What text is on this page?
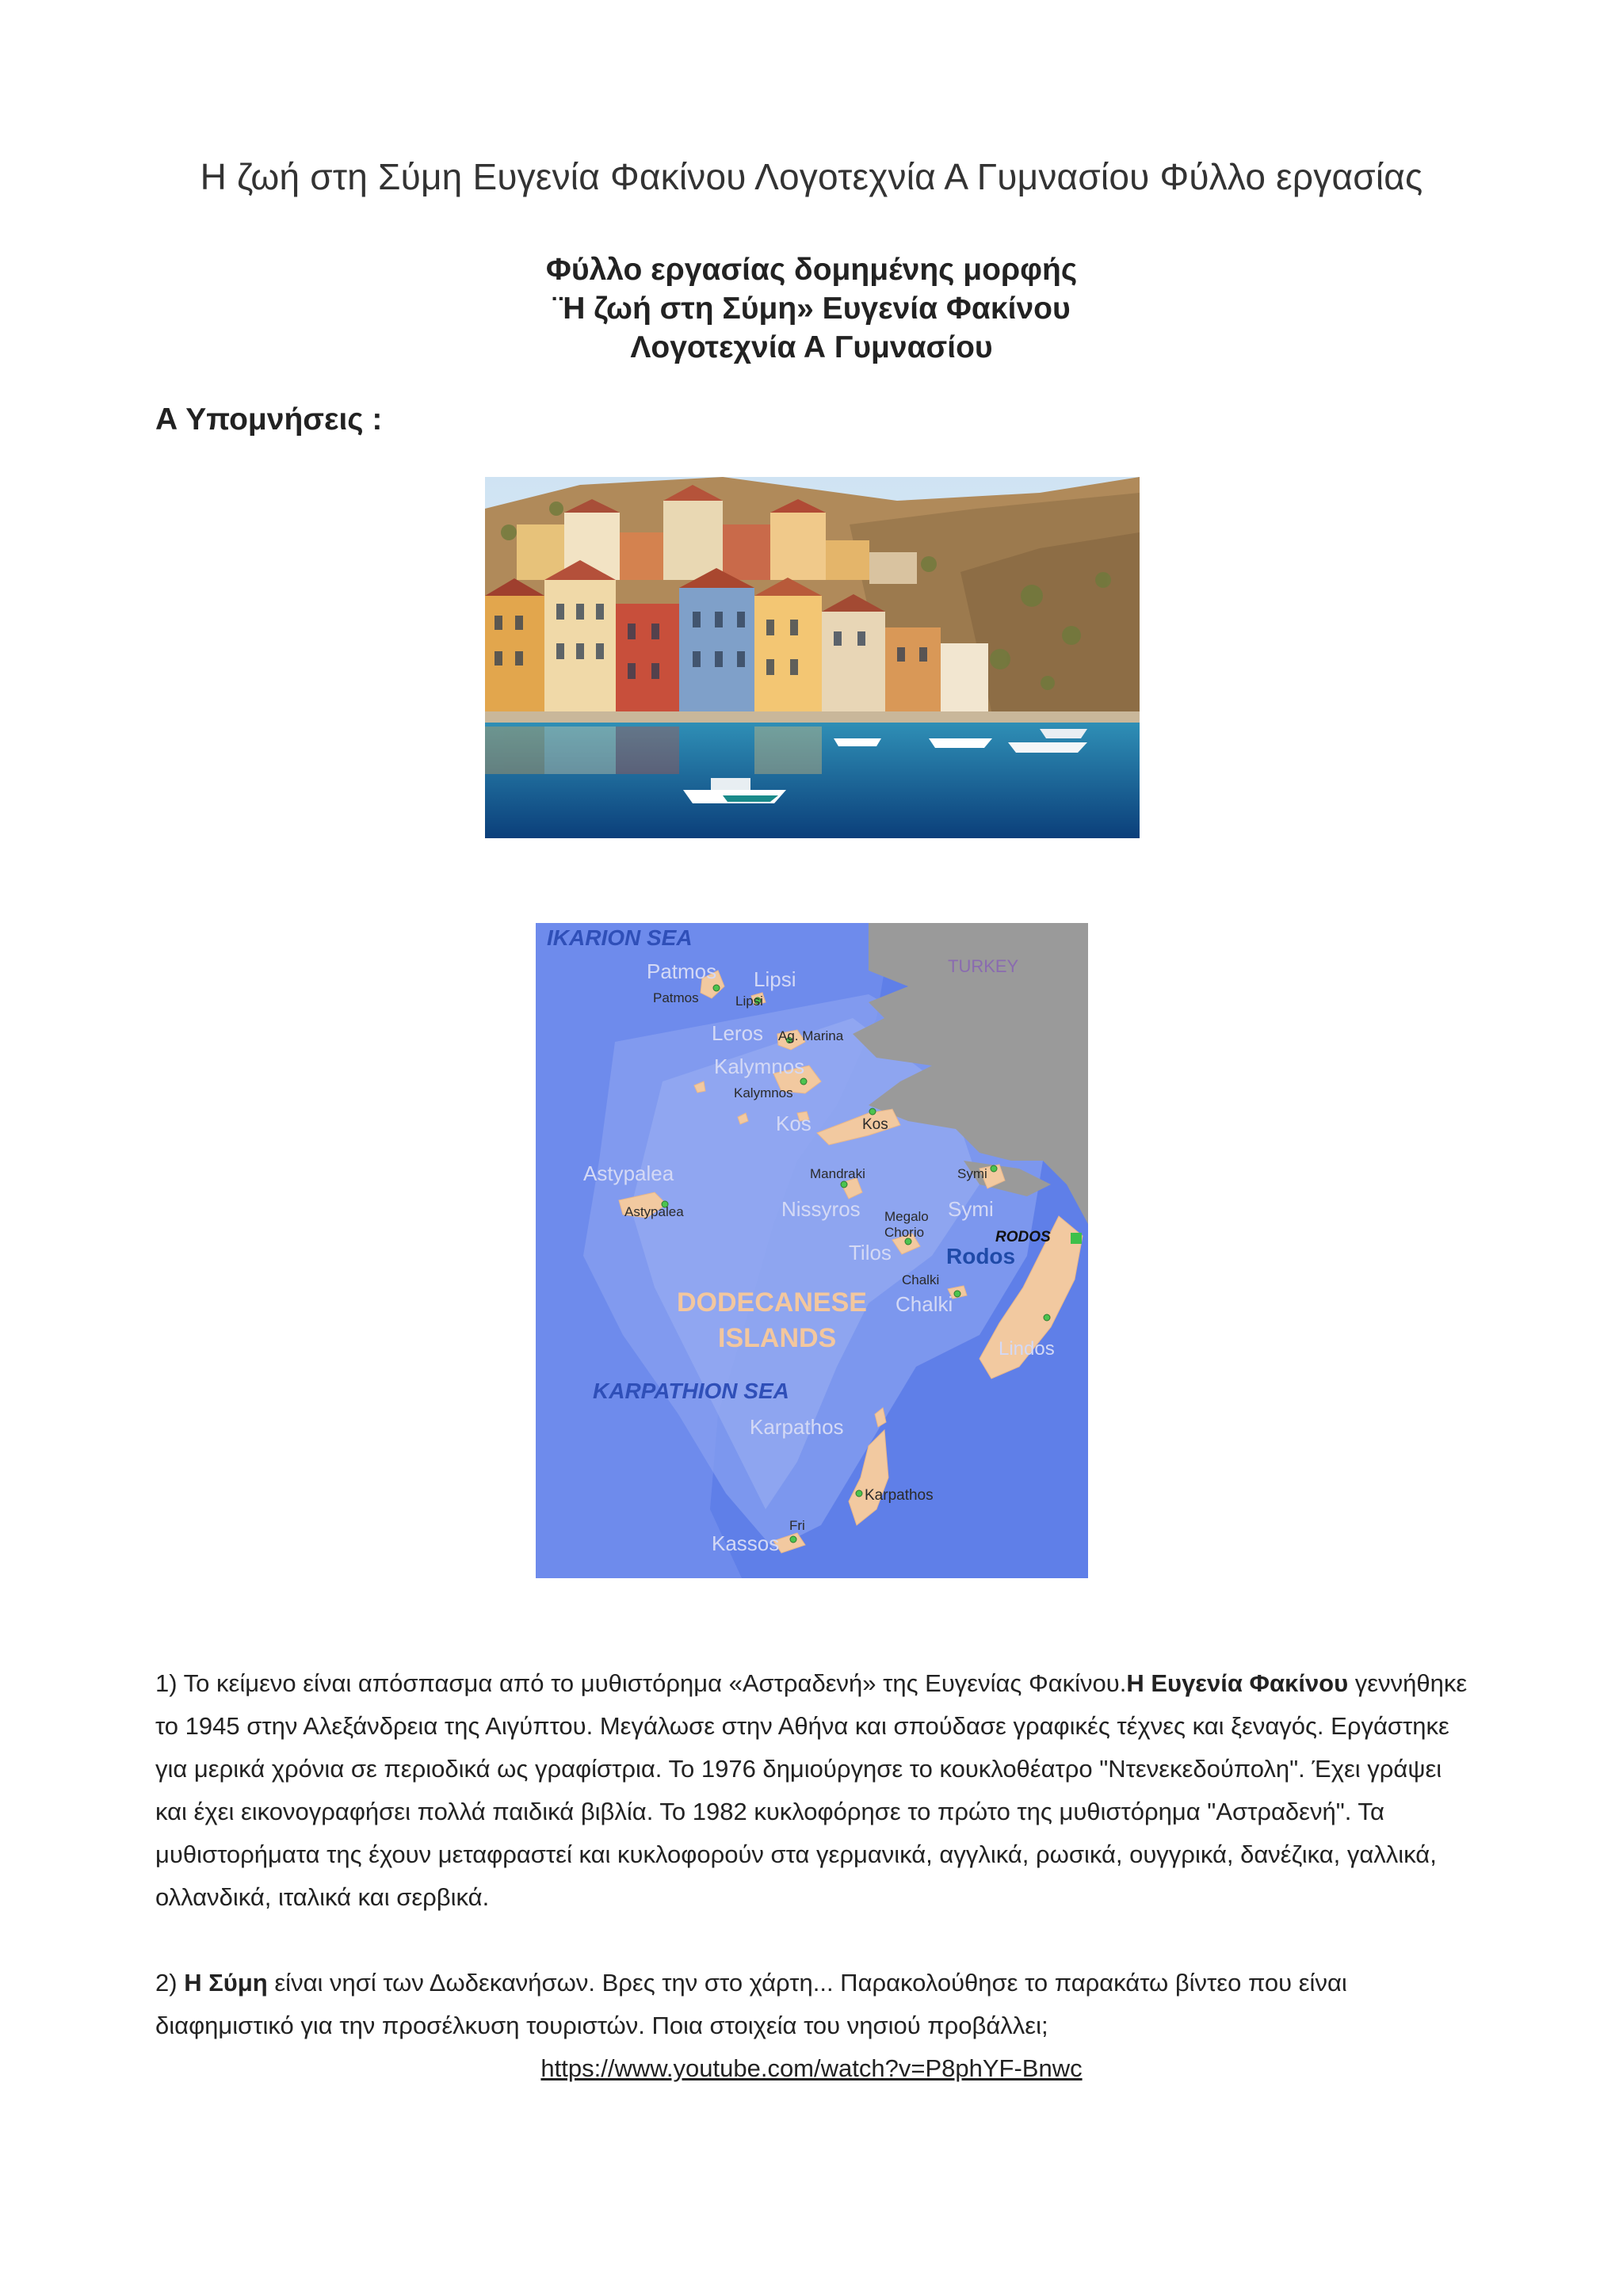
Η ζωή στη Σύμη Ευγενία Φακίνου Λογοτεχνία Α Γυμνασίου Φύλλο εργασίας
Φύλλο εργασίας δομημένης μορφής
¨Η ζωή στη Σύμη» Ευγενία Φακίνου
Λογοτεχνία Α Γυμνασίου
Α Υπομνήσεις :
IKARION SEA
KARPATHION SEA
TURKEY
Patmos Lipsi
Leros
Kalymnos
Kos
Astypalea
Nissyros	Symi
Tilos
Chalki
Lindos
Karpathos
Kassos
Patmos	Lipsi
Ag. Marina
Kalymnos
Kos
Astypalea
Mandraki	Symi
Megalo
Chorio
Chalki
Karpathos
Fri
RODOS
Rodos
DODECANESE
ISLANDS
1) Το κείμενο είναι απόσπασμα από το μυθιστόρημα «Αστραδενή» της Ευγενίας Φακίνου.Η Ευγενία Φακίνου γεννήθηκε το 1945 στην Αλεξάνδρεια της Αιγύπτου. Μεγάλωσε στην Αθήνα και σπούδασε γραφικές τέχνες και ξεναγός. Εργάστηκε για μερικά χρόνια σε περιοδικά ως γραφίστρια. Το 1976 δημιούργησε το κουκλοθέατρο "Ντενεκεδούπολη". Έχει γράψει και έχει εικονογραφήσει πολλά παιδικά βιβλία. Το 1982 κυκλοφόρησε το πρώτο της μυθιστόρημα "Αστραδενή". Τα μυθιστορήματα της έχουν μεταφραστεί και κυκλοφορούν στα γερμανικά, αγγλικά, ρωσικά, ουγγρικά, δανέζικα, γαλλικά, ολλανδικά, ιταλικά και σερβικά.
2) Η Σύμη είναι νησί των Δωδεκανήσων. Βρες την στο χάρτη... Παρακολούθησε το παρακάτω βίντεο που είναι διαφημιστικό για την προσέλκυση τουριστών. Ποια στοιχεία του νησιού προβάλλει;
https://www.youtube.com/watch?v=P8phYF-Bnwc
